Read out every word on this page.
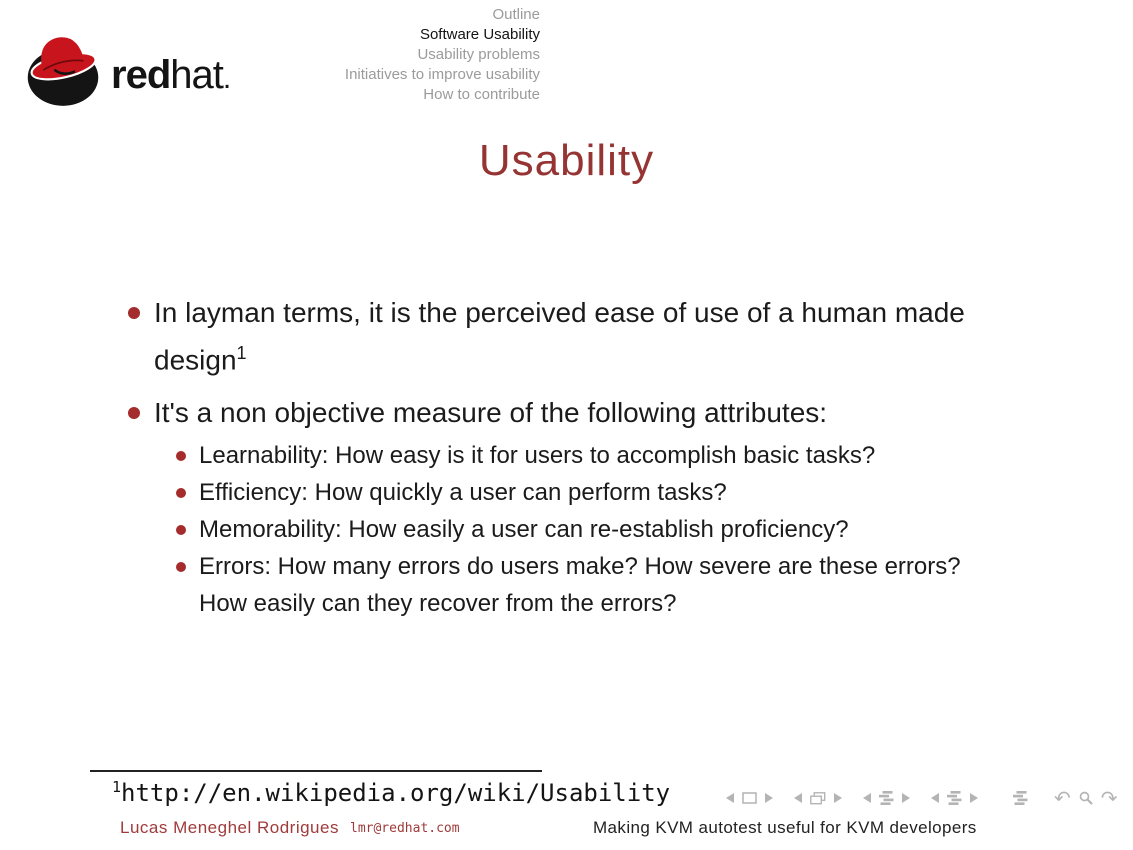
redhat.
Outline
Software Usability
Usability problems
Initiatives to improve usability
How to contribute
Usability
In layman terms, it is the perceived ease of use of a human made design$^1$
It's a non objective measure of the following attributes:
Learnability: How easy is it for users to accomplish basic tasks?
Efficiency: How quickly a user can perform tasks?
Memorability: How easily a user can re-establish proficiency?
Errors: How many errors do users make? How severe are these errors? How easily can they recover from the errors?
$^1$http://en.wikipedia.org/wiki/Usability	↶ ↷
Lucas Meneghel Rodrigues lmr@redhat.com	Making KVM autotest useful for KVM developers
